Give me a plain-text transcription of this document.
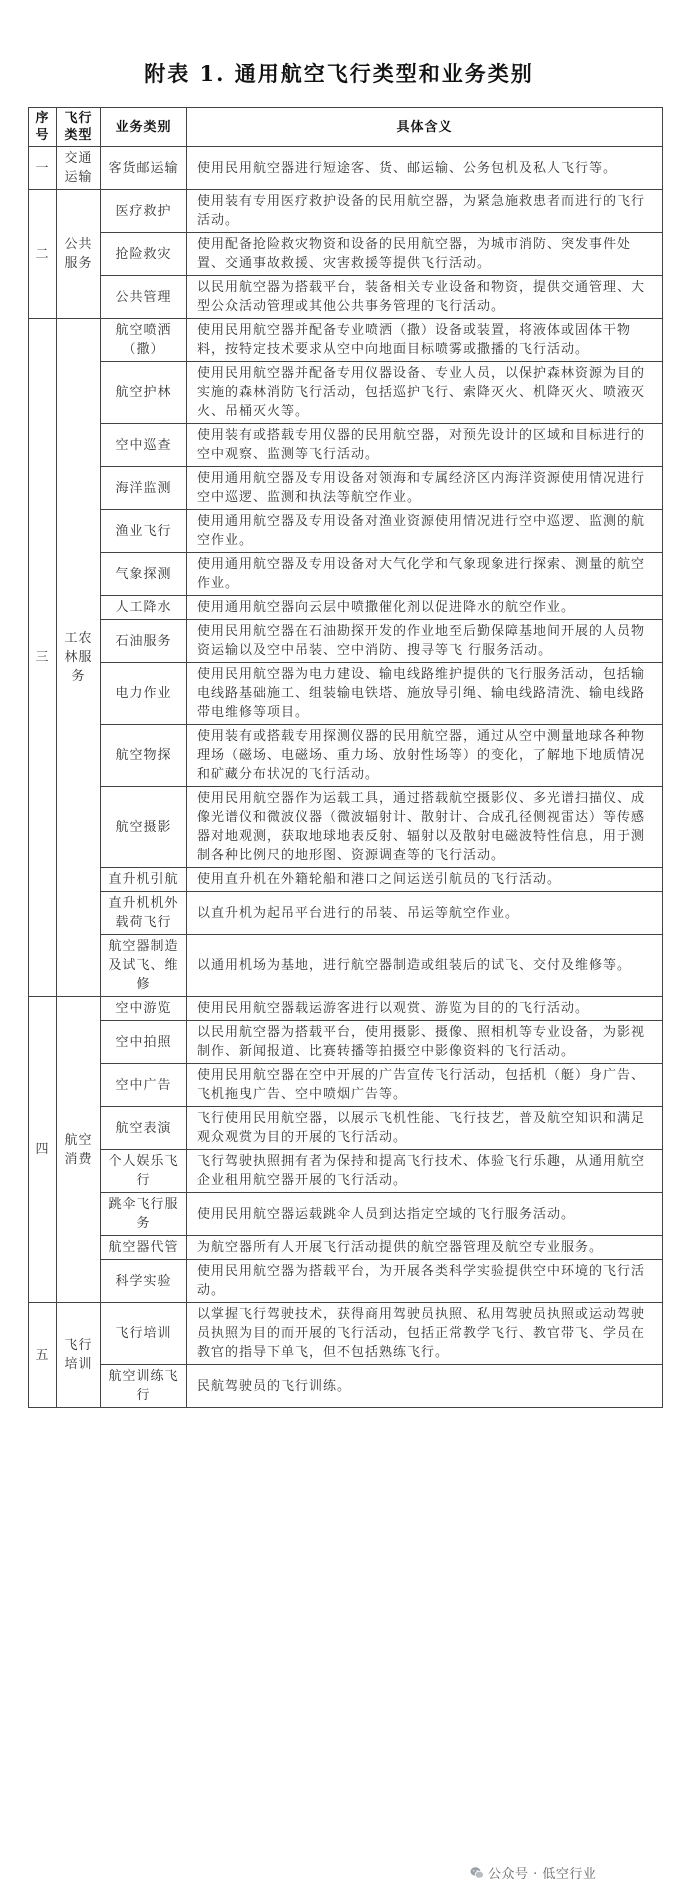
附表 1. 通用航空飞行类型和业务类别
序号	飞行类型	业务类别	具体含义
一	交通运输	客货邮运输	使用民用航空器进行短途客、货、邮运输、公务包机及私人飞行等。
二	公共服务	医疗救护	使用装有专用医疗救护设备的民用航空器，为紧急施救患者而进行的飞行活动。
		抢险救灾	使用配备抢险救灾物资和设备的民用航空器，为城市消防、突发事件处置、交通事故救援、灾害救援等提供飞行活动。
		公共管理	以民用航空器为搭载平台，装备相关专业设备和物资，提供交通管理、大型公众活动管理或其他公共事务管理的飞行活动。
三	工农林服务	航空喷洒（撒）	使用民用航空器并配备专业喷洒（撒）设备或装置，将液体或固体干物料，按特定技术要求从空中向地面目标喷雾或撒播的飞行活动。
		航空护林	使用民用航空器并配备专用仪器设备、专业人员，以保护森林资源为目的实施的森林消防飞行活动，包括巡护飞行、索降灭火、机降灭火、喷液灭火、吊桶灭火等。
		空中巡查	使用装有或搭载专用仪器的民用航空器，对预先设计的区域和目标进行的空中观察、监测等飞行活动。
		海洋监测	使用通用航空器及专用设备对领海和专属经济区内海洋资源使用情况进行空中巡逻、监测和执法等航空作业。
		渔业飞行	使用通用航空器及专用设备对渔业资源使用情况进行空中巡逻、监测的航空作业。
		气象探测	使用通用航空器及专用设备对大气化学和气象现象进行探索、测量的航空作业。
		人工降水	使用通用航空器向云层中喷撒催化剂以促进降水的航空作业。
		石油服务	使用民用航空器在石油勘探开发的作业地至后勤保障基地间开展的人员物资运输以及空中吊装、空中消防、搜寻等飞 行服务活动。
		电力作业	使用民用航空器为电力建设、输电线路维护提供的飞行服务活动，包括输电线路基础施工、组装输电铁塔、施放导引绳、输电线路清洗、输电线路带电维修等项目。
		航空物探	使用装有或搭载专用探测仪器的民用航空器，通过从空中测量地球各种物理场（磁场、电磁场、重力场、放射性场等）的变化，了解地下地质情况和矿藏分布状况的飞行活动。
		航空摄影	使用民用航空器作为运载工具，通过搭载航空摄影仪、多光谱扫描仪、成像光谱仪和微波仪器（微波辐射计、散射计、合成孔径侧视雷达）等传感器对地观测，获取地球地表反射、辐射以及散射电磁波特性信息，用于测制各种比例尺的地形图、资源调查等的飞行活动。
		直升机引航	使用直升机在外籍轮船和港口之间运送引航员的飞行活动。
		直升机机外载荷飞行	以直升机为起吊平台进行的吊装、吊运等航空作业。
		航空器制造及试飞、维修	以通用机场为基地，进行航空器制造或组装后的试飞、交付及维修等。
四	航空消费	空中游览	使用民用航空器载运游客进行以观赏、游览为目的的飞行活动。
		空中拍照	以民用航空器为搭载平台，使用摄影、摄像、照相机等专业设备，为影视制作、新闻报道、比赛转播等拍摄空中影像资料的飞行活动。
		空中广告	使用民用航空器在空中开展的广告宣传飞行活动，包括机（艇）身广告、飞机拖曳广告、空中喷烟广告等。
		航空表演	飞行使用民用航空器，以展示飞机性能、飞行技艺，普及航空知识和满足观众观赏为目的开展的飞行活动。
		个人娱乐飞行	飞行驾驶执照拥有者为保持和提高飞行技术、体验飞行乐趣，从通用航空企业租用航空器开展的飞行活动。
		跳伞飞行服务	使用民用航空器运载跳伞人员到达指定空域的飞行服务活动。
		航空器代管	为航空器所有人开展飞行活动提供的航空器管理及航空专业服务。
		科学实验	使用民用航空器为搭载平台，为开展各类科学实验提供空中环境的飞行活动。
五	飞行培训	飞行培训	以掌握飞行驾驶技术，获得商用驾驶员执照、私用驾驶员执照或运动驾驶员执照为目的而开展的飞行活动，包括正常教学飞行、教官带飞、学员在教官的指导下单飞，但不包括熟练飞行。
		航空训练飞行	民航驾驶员的飞行训练。
公众号 · 低空行业
